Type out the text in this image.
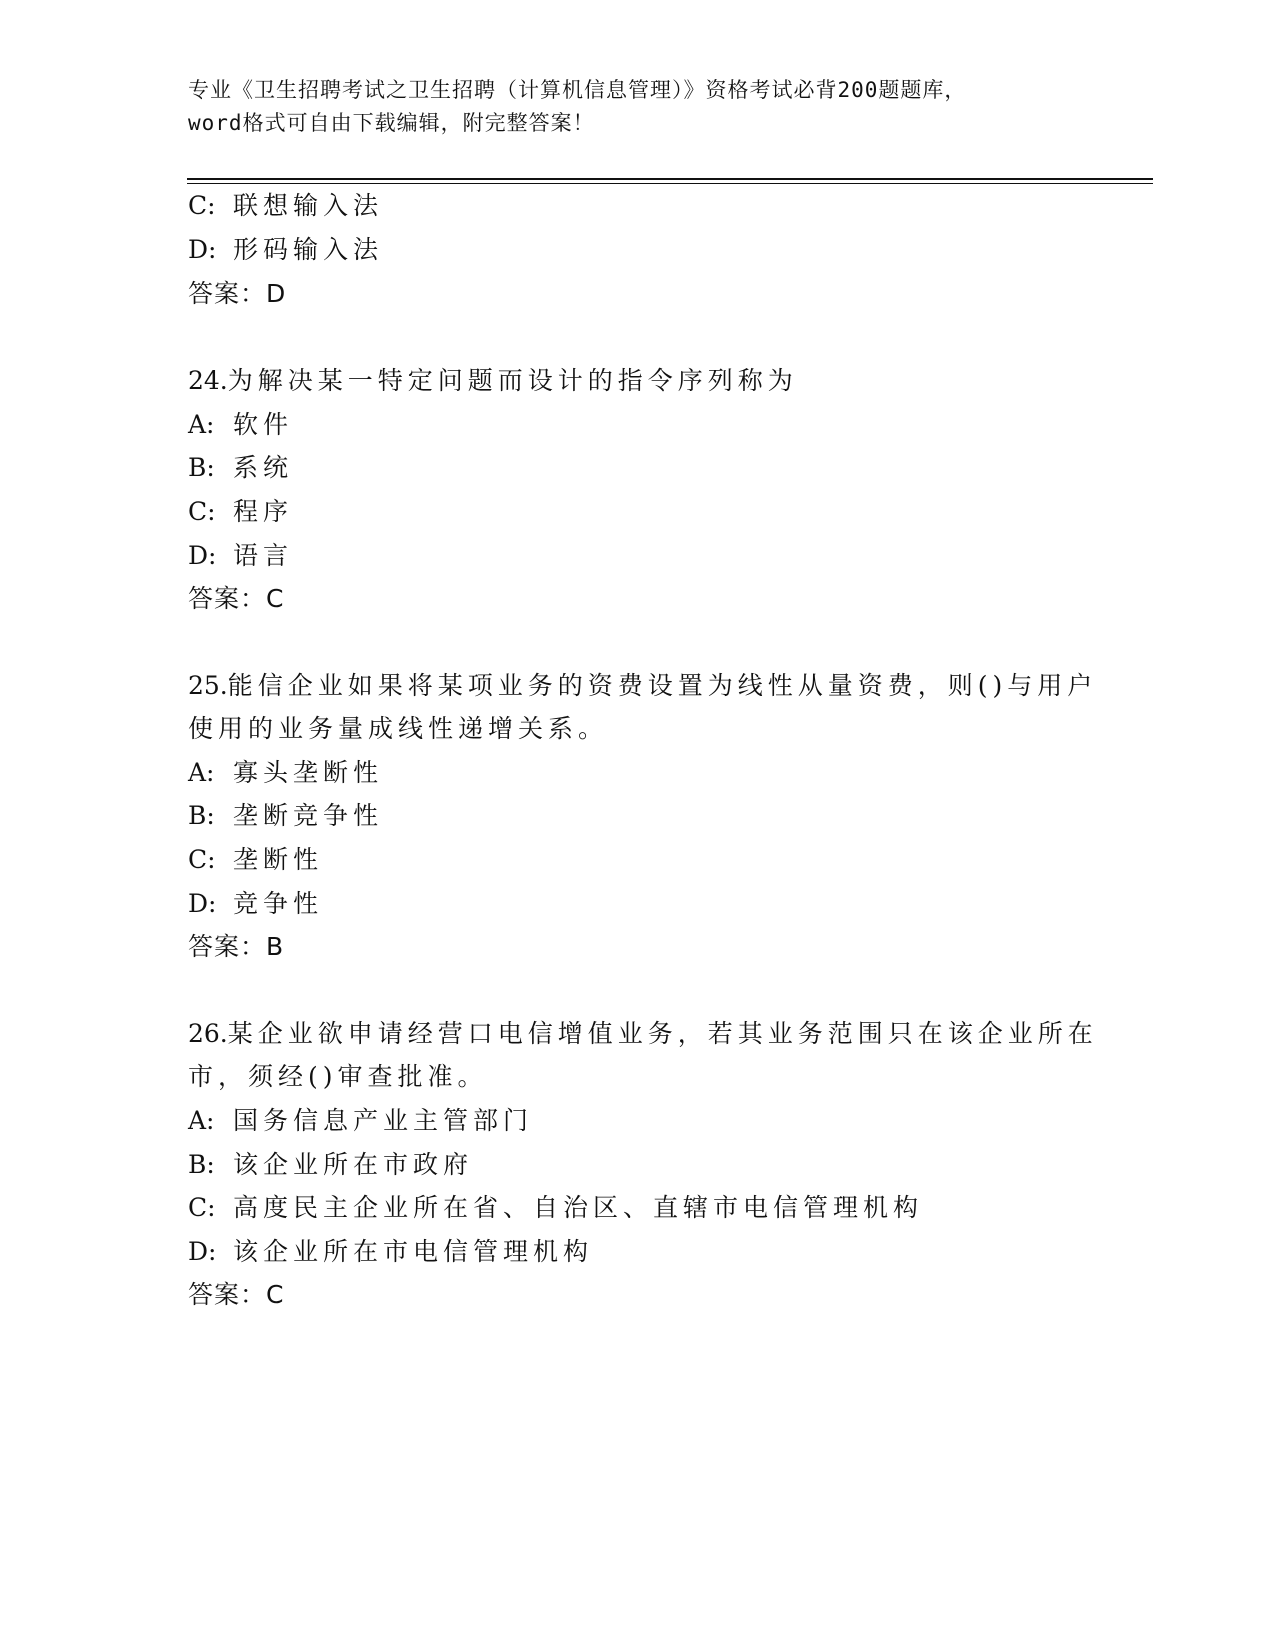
专业《卫生招聘考试之卫生招聘（计算机信息管理）》资格考试必背200题题库，
word格式可自由下载编辑，附完整答案！
C: 联想输入法
D: 形码输入法
答案：D
24.为解决某一特定问题而设计的指令序列称为
A: 软件
B: 系统
C: 程序
D: 语言
答案：C
25.能信企业如果将某项业务的资费设置为线性从量资费，则()与用户
使用的业务量成线性递增关系。
A: 寡头垄断性
B: 垄断竞争性
C: 垄断性
D: 竞争性
答案：B
26.某企业欲申请经营口电信增值业务，若其业务范围只在该企业所在
市，须经()审查批准。
A: 国务信息产业主管部门
B: 该企业所在市政府
C: 高度民主企业所在省、自治区、直辖市电信管理机构
D: 该企业所在市电信管理机构
答案：C
